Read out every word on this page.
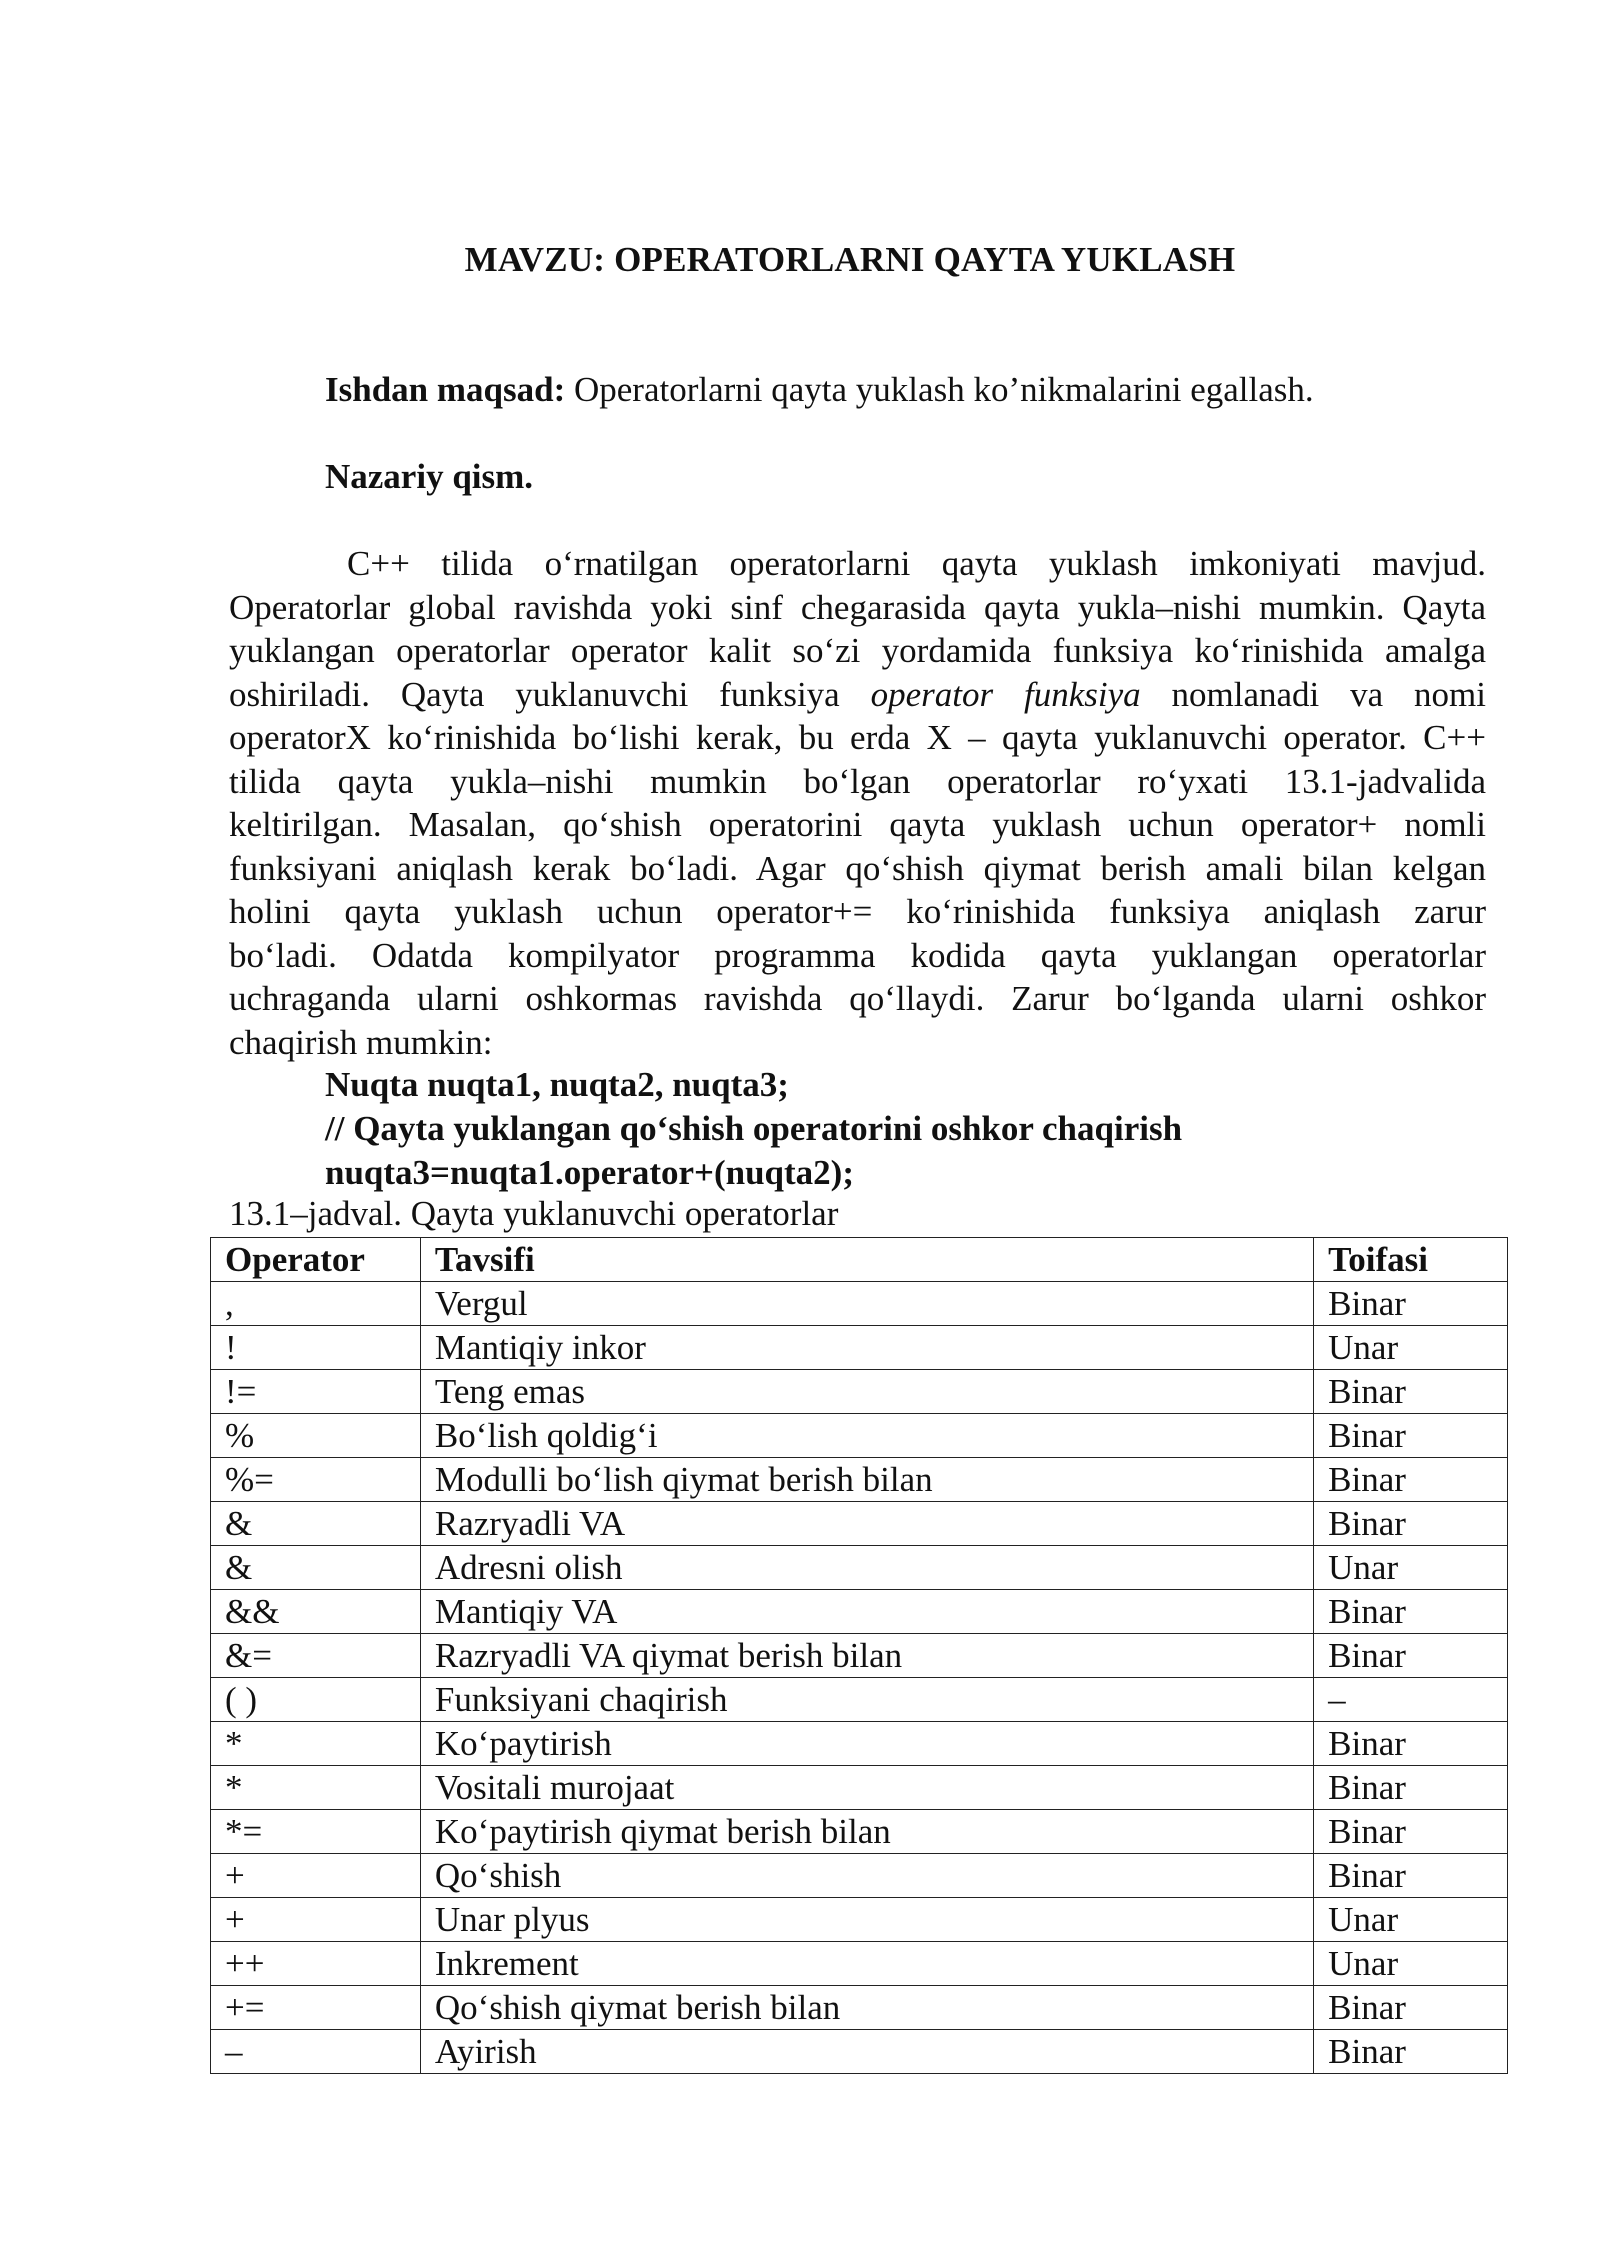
MAVZU: OPERATORLARNI QAYTA YUKLASH
Ishdan maqsad: Operatorlarni qayta yuklash ko’nikmalarini egallash.
Nazariy qism.
C++ tilida o‘rnatilgan operatorlarni qayta yuklash imkoniyati mavjud.
Operatorlar global ravishda yoki sinf chegarasida qayta yukla–nishi mumkin. Qayta
yuklangan operatorlar operator kalit so‘zi yordamida funksiya ko‘rinishida amalga
oshiriladi. Qayta yuklanuvchi funksiya operator funksiya nomlanadi va nomi
operatorX ko‘rinishida bo‘lishi kerak, bu erda X – qayta yuklanuvchi operator. C++
tilida qayta yukla–nishi mumkin bo‘lgan operatorlar ro‘yxati 13.1-jadvalida
keltirilgan. Masalan, qo‘shish operatorini qayta yuklash uchun operator+ nomli
funksiyani aniqlash kerak bo‘ladi. Agar qo‘shish qiymat berish amali bilan kelgan
holini qayta yuklash uchun operator+= ko‘rinishida funksiya aniqlash zarur
bo‘ladi. Odatda kompilyator programma kodida qayta yuklangan operatorlar
uchraganda ularni oshkormas ravishda qo‘llaydi. Zarur bo‘lganda ularni oshkor
chaqirish mumkin:
Nuqta nuqta1, nuqta2, nuqta3;
// Qayta yuklangan qo‘shish operatorini oshkor chaqirish
nuqta3=nuqta1.operator+(nuqta2);
13.1–jadval. Qayta yuklanuvchi operatorlar
Operator	Tavsifi	Toifasi
,	Vergul	Binar
!	Mantiqiy inkor	Unar
!=	Teng emas	Binar
%	Bo‘lish qoldig‘i	Binar
%=	Modulli bo‘lish qiymat berish bilan	Binar
&	Razryadli VA	Binar
&	Adresni olish	Unar
&&	Mantiqiy VA	Binar
&=	Razryadli VA qiymat berish bilan	Binar
( )	Funksiyani chaqirish	–
*	Ko‘paytirish	Binar
*	Vositali murojaat	Binar
*=	Ko‘paytirish qiymat berish bilan	Binar
+	Qo‘shish	Binar
+	Unar plyus	Unar
++	Inkrement	Unar
+=	Qo‘shish qiymat berish bilan	Binar
–	Ayirish	Binar
